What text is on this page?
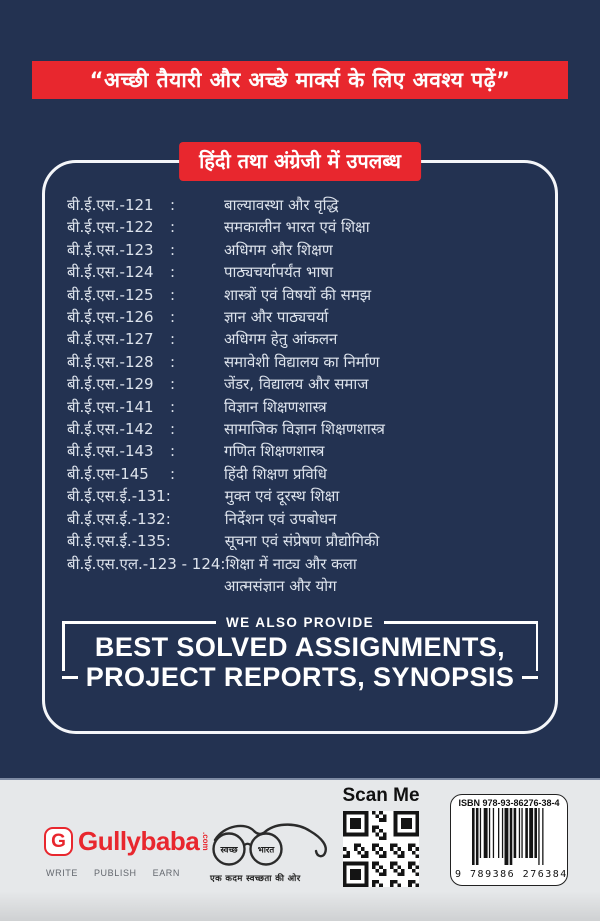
“अच्छी तैयारी और अच्छे मार्क्स के लिए अवश्य पढ़ें”
हिंदी तथा अंग्रेजी में उपलब्ध
बी.ई.एस.-121	:	बाल्यावस्था और वृद्धि
बी.ई.एस.-122	:	समकालीन भारत एवं शिक्षा
बी.ई.एस.-123	:	अधिगम और शिक्षण
बी.ई.एस.-124	:	पाठ्यचर्यापर्यंत भाषा
बी.ई.एस.-125	:	शास्त्रों एवं विषयों की समझ
बी.ई.एस.-126	:	ज्ञान और पाठ्यचर्या
बी.ई.एस.-127	:	अधिगम हेतु आंकलन
बी.ई.एस.-128	:	समावेशी विद्यालय का निर्माण
बी.ई.एस.-129	:	जेंडर, विद्यालय और समाज
बी.ई.एस.-141	:	विज्ञान शिक्षणशास्त्र
बी.ई.एस.-142	:	सामाजिक विज्ञान शिक्षणशास्त्र
बी.ई.एस.-143	:	गणित शिक्षणशास्त्र
बी.ई.एस-145	:	हिंदी शिक्षण प्रविधि
बी.ई.एस.ई.-131:	मुक्त एवं दूरस्थ शिक्षा
बी.ई.एस.ई.-132:	निर्देशन एवं उपबोधन
बी.ई.एस.ई.-135:	सूचना एवं संप्रेषण प्रौद्योगिकी
बी.ई.एस.एल.-123 - 124: शिक्षा में नाट्य और कला
आत्मसंज्ञान और योग
WE ALSO PROVIDE
BEST SOLVED ASSIGNMENTS,
PROJECT REPORTS, SYNOPSIS
G Gullybaba .com
WRITE PUBLISH EARN
स्वच्छ भारत
एक कदम स्वच्छता की ओर
Scan Me	ISBN 978-93-86276-38-4
9 789386 276384
